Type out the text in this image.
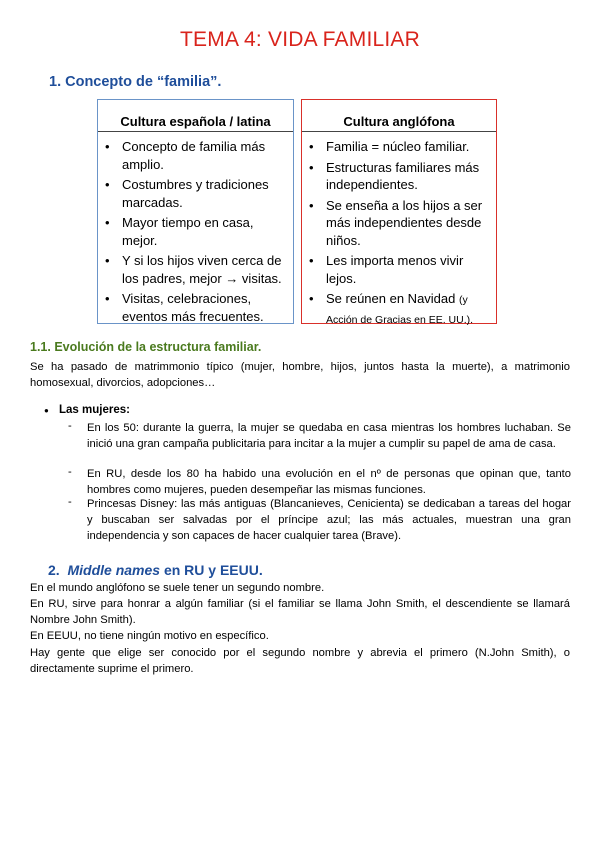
TEMA 4: VIDA FAMILIAR
1. Concepto de “familia”.
Cultura española / latina
• Concepto de familia más amplio.
• Costumbres y tradiciones marcadas.
• Mayor tiempo en casa, mejor.
• Y si los hijos viven cerca de los padres, mejor → visitas.
• Visitas, celebraciones, eventos más frecuentes.
Cultura anglófona
• Familia = núcleo familiar.
• Estructuras familiares más independientes.
• Se enseña a los hijos a ser más independientes desde niños.
• Les importa menos vivir lejos.
• Se reúnen en Navidad (y Acción de Gracias en EE. UU.).
1.1. Evolución de la estructura familiar.
Se ha pasado de matrimmonio típico (mujer, hombre, hijos, juntos hasta la muerte), a matrimonio homosexual, divorcios, adopciones…
● Las mujeres:
- En los 50: durante la guerra, la mujer se quedaba en casa mientras los hombres luchaban. Se inició una gran campaña publicitaria para incitar a la mujer a cumplir su papel de ama de casa.
- En RU, desde los 80 ha habido una evolución en el nº de personas que opinan que, tanto hombres como mujeres, pueden desempeñar las mismas funciones.
- Princesas Disney: las más antiguas (Blancanieves, Cenicienta) se dedicaban a tareas del hogar y buscaban ser salvadas por el príncipe azul; las más actuales, muestran una gran independencia y son capaces de hacer cualquier tarea (Brave).
2. Middle names en RU y EEUU.
En el mundo anglófono se suele tener un segundo nombre.
En RU, sirve para honrar a algún familiar (si el familiar se llama John Smith, el descendiente se llamará Nombre John Smith).
En EEUU, no tiene ningún motivo en específico.
Hay gente que elige ser conocido por el segundo nombre y abrevia el primero (N.John Smith), o directamente suprime el primero.
